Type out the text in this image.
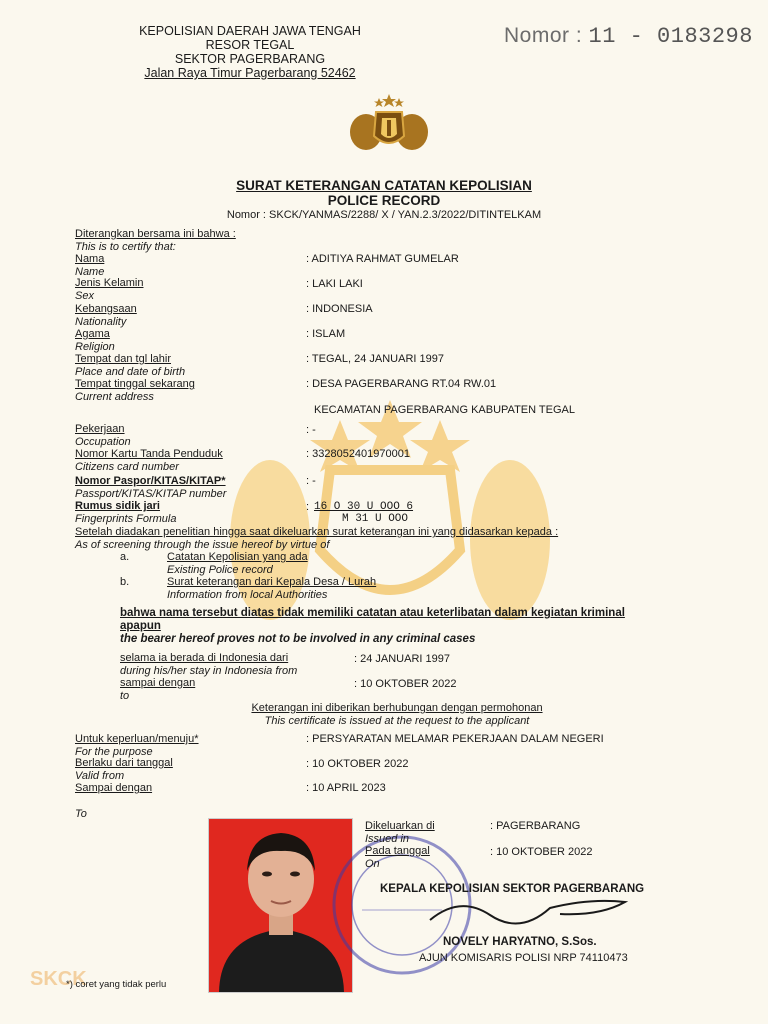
KEPOLISIAN DAERAH JAWA TENGAH
RESOR TEGAL
SEKTOR PAGERBARANG
Jalan Raya Timur Pagerbarang 52462
Nomor : 11 - 0183298
SURAT KETERANGAN CATATAN KEPOLISIAN
POLICE RECORD
Nomor : SKCK/YANMAS/2288/ X / YAN.2.3/2022/DITINTELKAM
Diterangkan bersama ini bahwa :
This is to certify that:
Nama
Name
: ADITIYA RAHMAT GUMELAR
Jenis Kelamin
Sex
: LAKI LAKI
Kebangsaan
Nationality
: INDONESIA
Agama
Religion
: ISLAM
Tempat dan tgl lahir
Place and date of birth
: TEGAL, 24 JANUARI 1997
Tempat tinggal sekarang
Current address
: DESA PAGERBARANG RT.04 RW.01
KECAMATAN PAGERBARANG KABUPATEN TEGAL
Pekerjaan
Occupation
: -
Nomor Kartu Tanda Penduduk
Citizens card number
: 3328052401970001
Nomor Paspor/KITAS/KITAP*
Passport/KITAS/KITAP number
: -
Rumus sidik jari
Fingerprints Formula
: 16 O 30 U OOO 6
M 31 U OOO
Setelah diadakan penelitian hingga saat dikeluarkan surat keterangan ini yang didasarkan kepada :
As of screening through the issue hereof by virtue of
a.	Catatan Kepolisian yang ada
Existing Police record
b.	Surat keterangan dari Kepala Desa / Lurah
Information from local Authorities
bahwa nama tersebut diatas tidak memiliki catatan atau keterlibatan dalam kegiatan kriminal
apapun
the bearer hereof proves not to be involved in any criminal cases
selama ia berada di Indonesia dari
during his/her stay in Indonesia from
: 24 JANUARI 1997
sampai dengan
to
: 10 OKTOBER 2022
Keterangan ini diberikan berhubungan dengan permohonan
This certificate is issued at the request to the applicant
Untuk keperluan/menuju*
For the purpose
: PERSYARATAN MELAMAR PEKERJAAN DALAM NEGERI
Berlaku dari tanggal
Valid from
: 10 OKTOBER 2022
Sampai dengan	: 10 APRIL 2023
To
Dikeluarkan di
Issued in
: PAGERBARANG
Pada tanggal
On
: 10 OKTOBER 2022
KEPALA KEPOLISIAN SEKTOR PAGERBARANG
NOVELY HARYATNO, S.Sos.
AJUN KOMISARIS POLISI NRP 74110473
SKCK
*) coret yang tidak perlu
